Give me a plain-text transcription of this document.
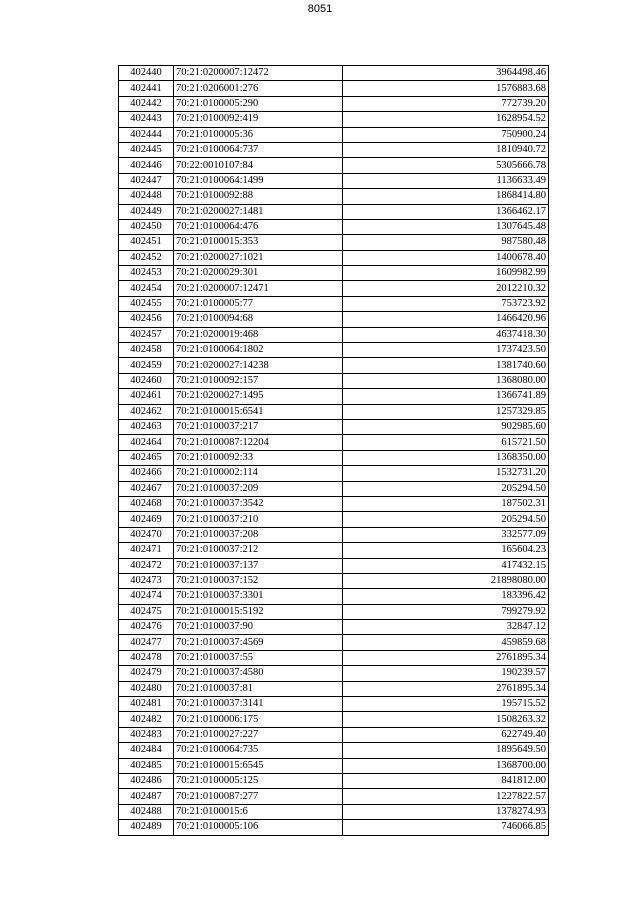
8051
402440	70:21:0200007:12472	3964498.46
402441	70:21:0206001:276	1576883.68
402442	70:21:0100005:290	772739.20
402443	70:21:0100092:419	1628954.52
402444	70:21:0100005:36	750900.24
402445	70:21:0100064:737	1810940.72
402446	70:22:0010107:84	5305666.78
402447	70:21:0100064:1499	1136633.49
402448	70:21:0100092:88	1868414.80
402449	70:21:0200027:1481	1366462.17
402450	70:21:0100064:476	1307645.48
402451	70:21:0100015:353	987580.48
402452	70:21:0200027:1021	1400678.40
402453	70:21:0200029:301	1609982.99
402454	70:21:0200007:12471	2012210.32
402455	70:21:0100005:77	753723.92
402456	70:21:0100094:68	1466420.96
402457	70:21:0200019:468	4637418.30
402458	70:21:0100064:1802	1737423.50
402459	70:21:0200027:14238	1381740.60
402460	70:21:0100092:157	1368080.00
402461	70:21:0200027:1495	1366741.89
402462	70:21:0100015:6541	1257329.85
402463	70:21:0100037:217	902985.60
402464	70:21:0100087:12204	615721.50
402465	70:21:0100092:33	1368350.00
402466	70:21:0100002:114	1532731.20
402467	70:21:0100037:209	205294.50
402468	70:21:0100037:3542	187502.31
402469	70:21:0100037:210	205294.50
402470	70:21:0100037:208	332577.09
402471	70:21:0100037:212	165604.23
402472	70:21:0100037:137	417432.15
402473	70:21:0100037:152	21898080.00
402474	70:21:0100037:3301	183396.42
402475	70:21:0100015:5192	799279.92
402476	70:21:0100037:90	32847.12
402477	70:21:0100037:4569	459859.68
402478	70:21:0100037:55	2761895.34
402479	70:21:0100037:4580	190239.57
402480	70:21:0100037:81	2761895.34
402481	70:21:0100037:3141	195715.52
402482	70:21:0100006:175	1508263.32
402483	70:21:0100027:227	622749.40
402484	70:21:0100064:735	1895649.50
402485	70:21:0100015:6545	1368700.00
402486	70:21:0100005:125	841812.00
402487	70:21:0100087:277	1227822.57
402488	70:21:0100015:6	1378274.93
402489	70:21:0100005:106	746066.85
